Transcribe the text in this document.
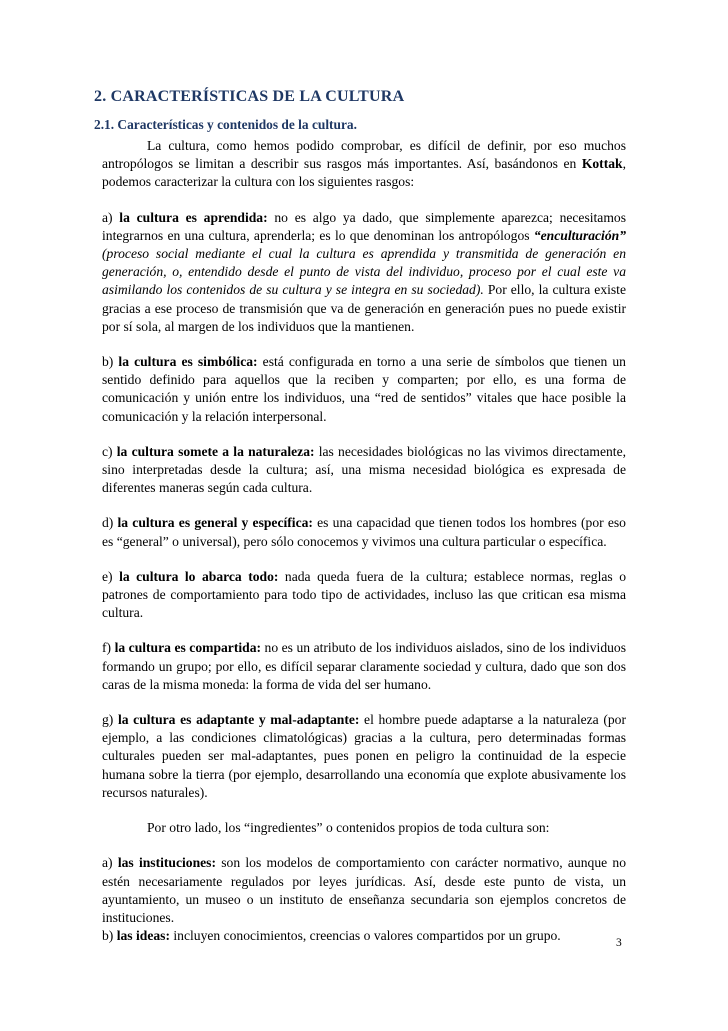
2. CARACTERÍSTICAS DE LA CULTURA
2.1. Características y contenidos de la cultura.

La cultura, como hemos podido comprobar, es difícil de definir, por eso muchos antropólogos se limitan a describir sus rasgos más importantes. Así, basándonos en Kottak, podemos caracterizar la cultura con los siguientes rasgos:

a) la cultura es aprendida: no es algo ya dado, que simplemente aparezca; necesitamos integrarnos en una cultura, aprenderla; es lo que denominan los antropólogos “enculturación” (proceso social mediante el cual la cultura es aprendida y transmitida de generación en generación, o, entendido desde el punto de vista del individuo, proceso por el cual este va asimilando los contenidos de su cultura y se integra en su sociedad). Por ello, la cultura existe gracias a ese proceso de transmisión que va de generación en generación pues no puede existir por sí sola, al margen de los individuos que la mantienen.

b) la cultura es simbólica: está configurada en torno a una serie de símbolos que tienen un sentido definido para aquellos que la reciben y comparten; por ello, es una forma de comunicación y unión entre los individuos, una “red de sentidos” vitales que hace posible la comunicación y la relación interpersonal.

c) la cultura somete a la naturaleza: las necesidades biológicas no las vivimos directamente, sino interpretadas desde la cultura; así, una misma necesidad biológica es expresada de diferentes maneras según cada cultura.

d) la cultura es general y específica: es una capacidad que tienen todos los hombres (por eso es “general” o universal), pero sólo conocemos y vivimos una cultura particular o específica.

e) la cultura lo abarca todo: nada queda fuera de la cultura; establece normas, reglas o patrones de comportamiento para todo tipo de actividades, incluso las que critican esa misma cultura.

f) la cultura es compartida: no es un atributo de los individuos aislados, sino de los individuos formando un grupo; por ello, es difícil separar claramente sociedad y cultura, dado que son dos caras de la misma moneda: la forma de vida del ser humano.

g) la cultura es adaptante y mal-adaptante: el hombre puede adaptarse a la naturaleza (por ejemplo, a las condiciones climatológicas) gracias a la cultura, pero determinadas formas culturales pueden ser mal-adaptantes, pues ponen en peligro la continuidad de la especie humana sobre la tierra (por ejemplo, desarrollando una economía que explote abusivamente los recursos naturales).

Por otro lado, los “ingredientes” o contenidos propios de toda cultura son:

a) las instituciones: son los modelos de comportamiento con carácter normativo, aunque no estén necesariamente regulados por leyes jurídicas. Así, desde este punto de vista, un ayuntamiento, un museo o un instituto de enseñanza secundaria son ejemplos concretos de instituciones.

b) las ideas: incluyen conocimientos, creencias o valores compartidos por un grupo.	3
